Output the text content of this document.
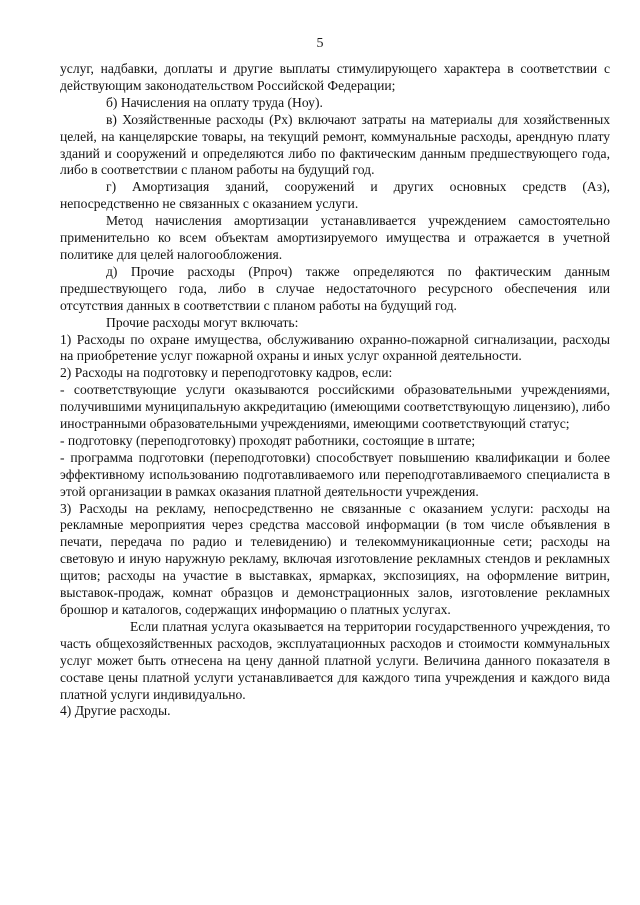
5

услуг, надбавки, доплаты и другие выплаты стимулирующего характера в соответствии с действующим законодательством Российской Федерации;

б) Начисления на оплату труда (Ноу).

в) Хозяйственные расходы (Рх) включают затраты на материалы для хозяйственных целей, на канцелярские товары, на текущий ремонт, коммунальные расходы, арендную плату зданий и сооружений и определяются либо по фактическим данным предшествующего года, либо в соответствии с планом работы на будущий год.

г) Амортизация зданий, сооружений и других основных средств (Аз), непосредственно не связанных с оказанием услуги.

Метод начисления амортизации устанавливается учреждением самостоятельно применительно ко всем объектам амортизируемого имущества и отражается в учетной политике для целей налогообложения.

д) Прочие расходы (Рпроч) также определяются по фактическим данным предшествующего года, либо в случае недостаточного ресурсного обеспечения или отсутствия данных в соответствии с планом работы на будущий год.

Прочие расходы могут включать:

1) Расходы по охране имущества, обслуживанию охранно-пожарной сигнализации, расходы на приобретение услуг пожарной охраны и иных услуг охранной деятельности.

2) Расходы на подготовку и переподготовку кадров, если:

- соответствующие услуги оказываются российскими образовательными учреждениями, получившими муниципальную аккредитацию (имеющими соответствующую лицензию), либо иностранными образовательными учреждениями, имеющими соответствующий статус;

- подготовку (переподготовку) проходят работники, состоящие в штате;

- программа подготовки (переподготовки) способствует повышению квалификации и более эффективному использованию подготавливаемого или переподготавливаемого специалиста в этой организации в рамках оказания платной деятельности учреждения.

3) Расходы на рекламу, непосредственно не связанные с оказанием услуги: расходы на рекламные мероприятия через средства массовой информации (в том числе объявления в печати, передача по радио и телевидению) и телекоммуникационные сети; расходы на световую и иную наружную рекламу, включая изготовление рекламных стендов и рекламных щитов; расходы на участие в выставках, ярмарках, экспозициях, на оформление витрин, выставок-продаж, комнат образцов и демонстрационных залов, изготовление рекламных брошюр и каталогов, содержащих информацию о платных услугах.

Если платная услуга оказывается на территории государственного учреждения, то часть общехозяйственных расходов, эксплуатационных расходов и стоимости коммунальных услуг может быть отнесена на цену данной платной услуги. Величина данного показателя в составе цены платной услуги устанавливается для каждого типа учреждения и каждого вида платной услуги индивидуально.

4) Другие расходы.
